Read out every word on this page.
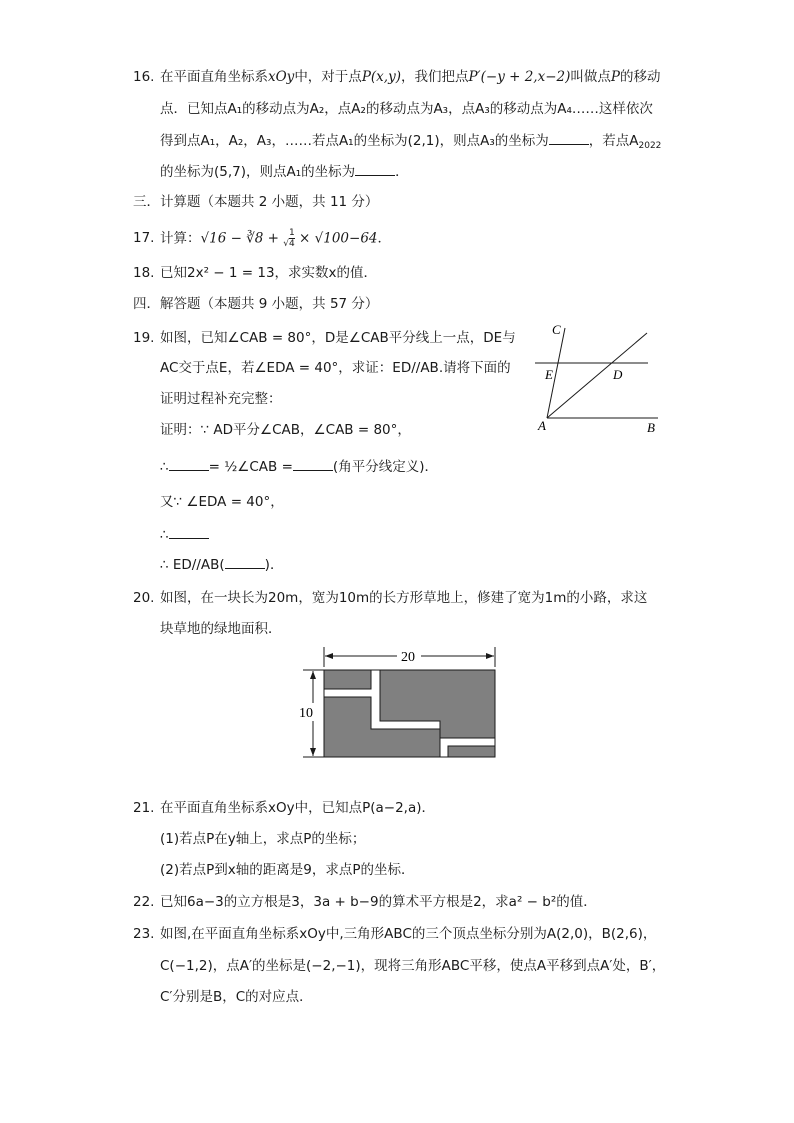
16. 在平面直角坐标系xOy中，对于点P(x,y)，我们把点P′(−y + 2,x−2)叫做点P的移动
点．已知点A₁的移动点为A₂，点A₂的移动点为A₃，点A₃的移动点为A₄……这样依次
得到点A₁，A₂，A₃，……若点A₁的坐标为(2,1)，则点A₃的坐标为	，若点$A_{2022}$
的坐标为(5,7)，则点A₁的坐标为	．
三．计算题（本题共 2 小题，共 11 分）
17. 计算：√16 − ∛8 + √ $\frac{1}{4} \times √100-64$．
18. 已知2x² − 1 = 13，求实数x的值．
四．解答题（本题共 9 小题，共 57 分）
19. 如图，已知∠CAB = 80°，D是∠CAB平分线上一点，DE与
AC交于点E，若∠EDA = 40°，求证：ED//AB.请将下面的
证明过程补充完整：
证明：∵ AD平分∠CAB，∠CAB = 80°，
∴	= ½∠CAB =	(角平分线定义)．
又∵ ∠EDA = 40°，
∴
∴ ED//AB(	)．
C
E	D
A	B
20. 如图，在一块长为20m，宽为10m的长方形草地上，修建了宽为1m的小路，求这
块草地的绿地面积．
20
10
21. 在平面直角坐标系xOy中，已知点P(a−2,a)．
(1)若点P在y轴上，求点P的坐标；
(2)若点P到x轴的距离是9，求点P的坐标．
22. 已知6a−3的立方根是3，3a + b−9的算术平方根是2，求a² − b²的值．
23. 如图,在平面直角坐标系xOy中,三角形ABC的三个顶点坐标分别为A(2,0)，B(2,6)，
C(−1,2)，点A′的坐标是(−2,−1)，现将三角形ABC平移，使点A平移到点A′处，B′，
C′分别是B，C的对应点．
